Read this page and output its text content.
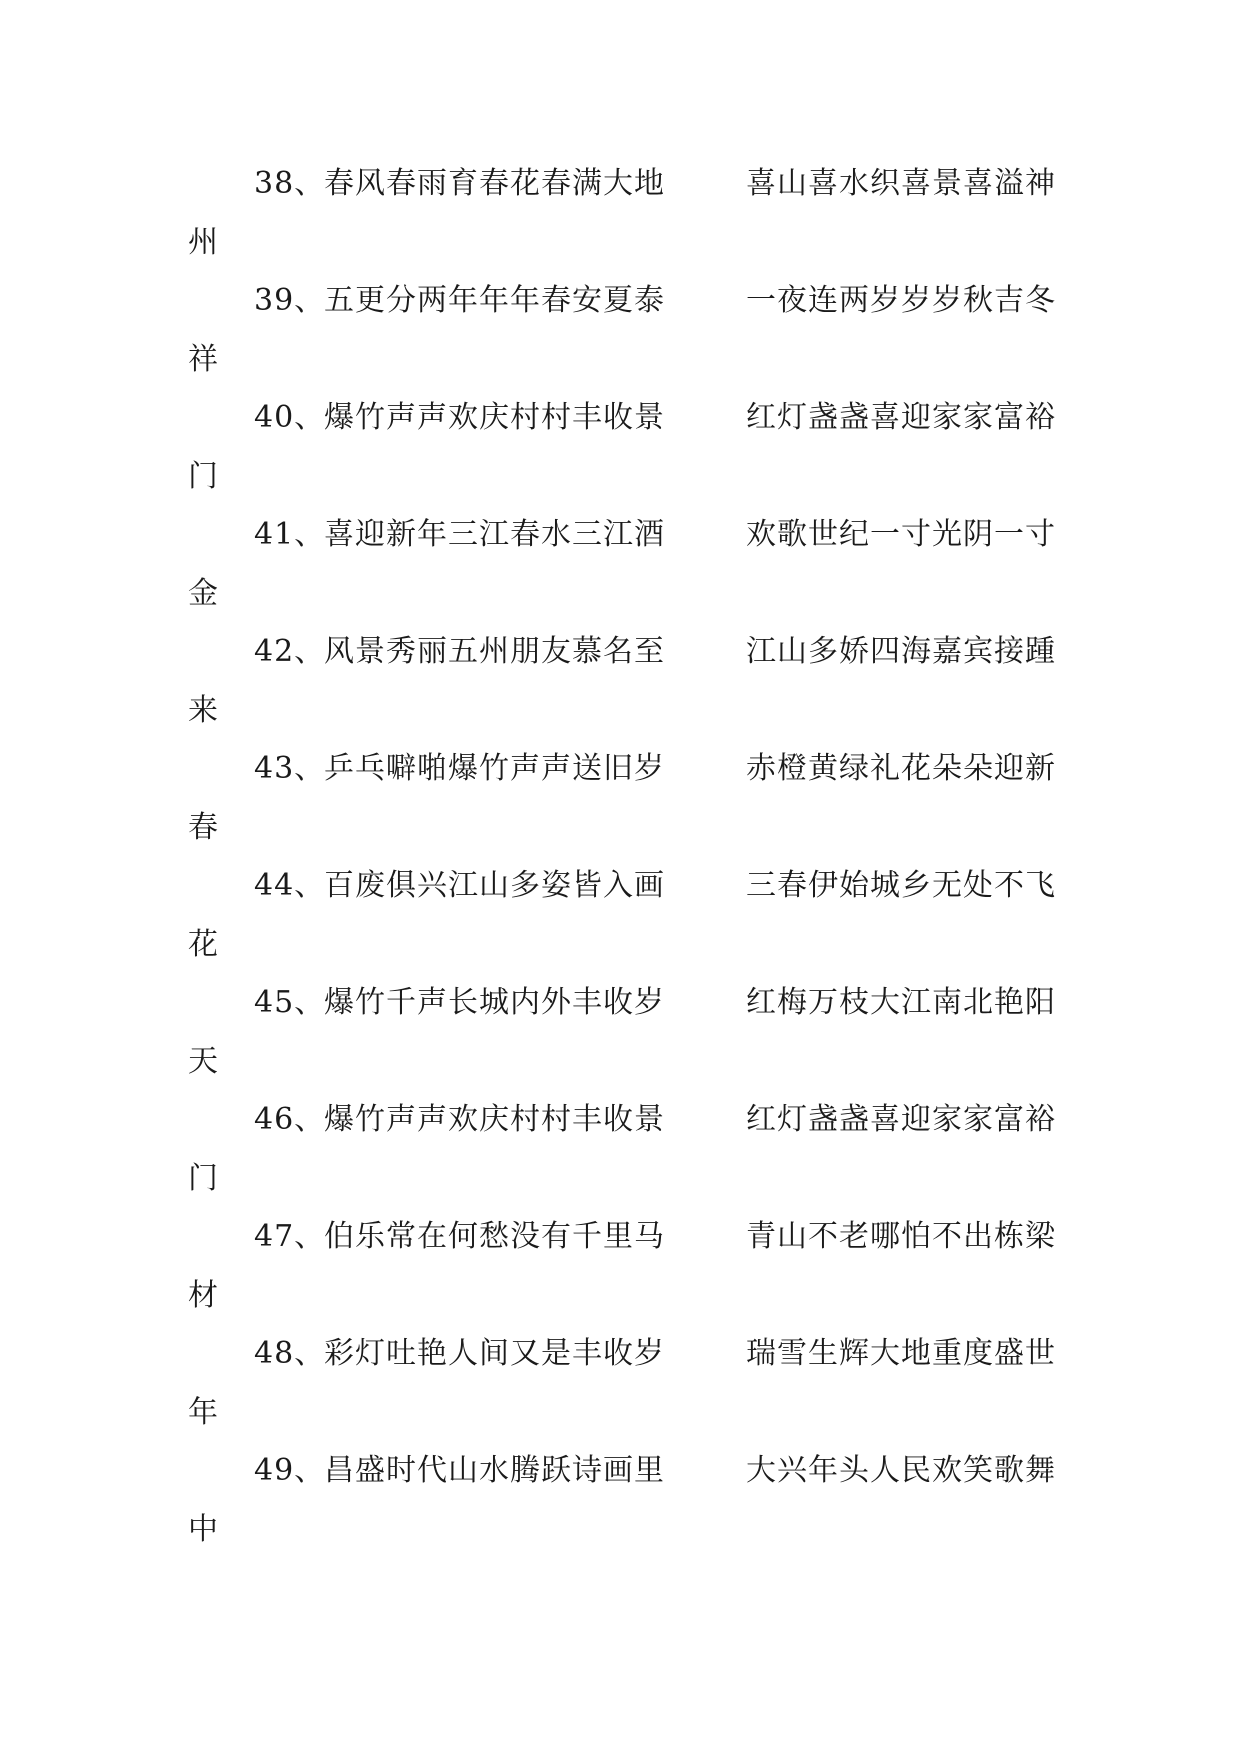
38、
春风春雨育春花春满大地	喜山喜水织喜景喜溢神
州
39、
五更分两年年年春安夏泰	一夜连两岁岁岁秋吉冬
祥
40、
爆竹声声欢庆村村丰收景	红灯盏盏喜迎家家富裕
门
41、
喜迎新年三江春水三江酒	欢歌世纪一寸光阴一寸
金
42、
风景秀丽五州朋友慕名至	江山多娇四海嘉宾接踵
来
43、
乒乓噼啪爆竹声声送旧岁	赤橙黄绿礼花朵朵迎新
春
44、
百废俱兴江山多姿皆入画	三春伊始城乡无处不飞
花
45、
爆竹千声长城内外丰收岁	红梅万枝大江南北艳阳
天
46、
爆竹声声欢庆村村丰收景	红灯盏盏喜迎家家富裕
门
47、
伯乐常在何愁没有千里马	青山不老哪怕不出栋梁
材
48、
彩灯吐艳人间又是丰收岁	瑞雪生辉大地重度盛世
年
49、
昌盛时代山水腾跃诗画里	大兴年头人民欢笑歌舞
中
